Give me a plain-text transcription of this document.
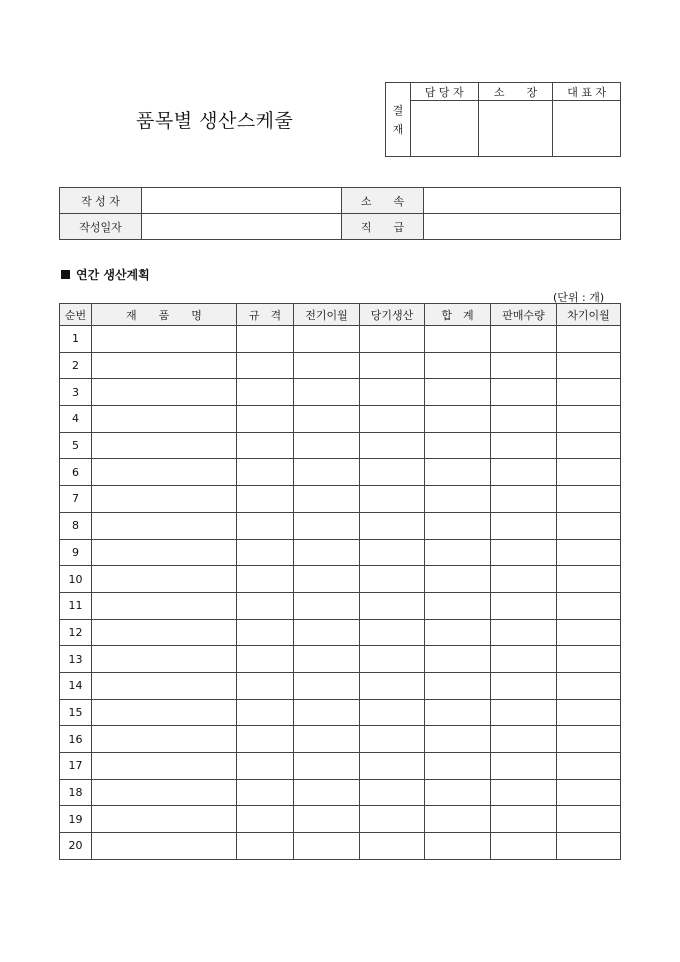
품목별 생산스케줄	결
재	담 당 자	소　　장	대 표 자

작 성 자		소　　속	
작성일자		직　　급	
연간 생산계획
(단위 : 개)
순번	재　　품　　명	규　격	전기이월	당기생산	합　계	판매수량	차기이월
1							
2							
3							
4							
5							
6							
7							
8							
9							
10							
11							
12							
13							
14							
15							
16							
17							
18							
19							
20							
